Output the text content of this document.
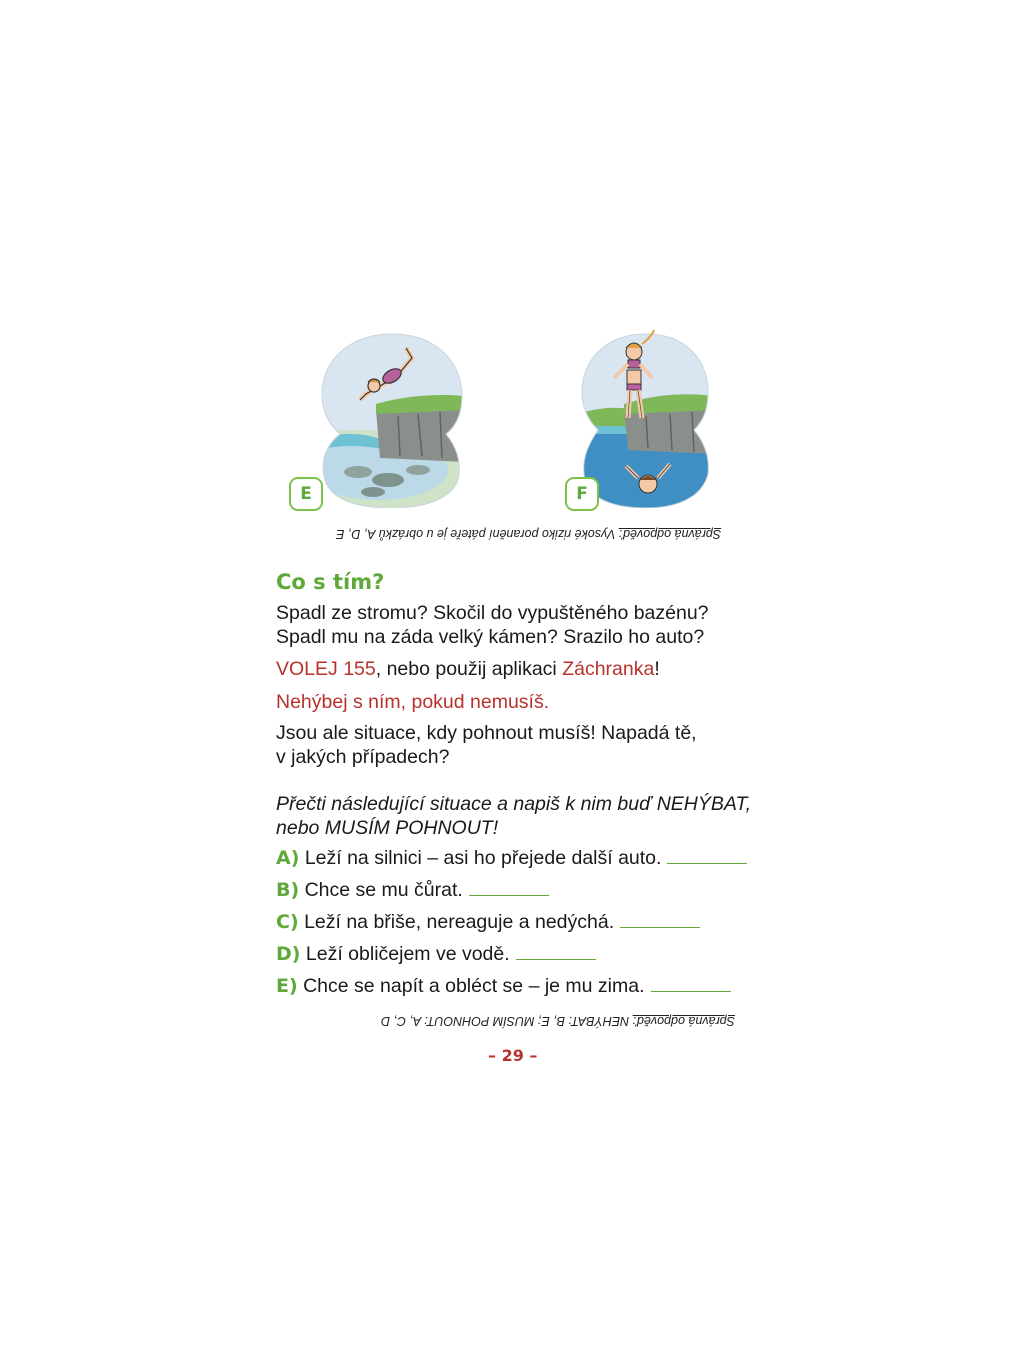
E	F
Správná odpověď: Vysoké riziko poranění páteře je u obrázků A, D, E
Co s tím?
Spadl ze stromu? Skočil do vypuštěného bazénu?
Spadl mu na záda velký kámen? Srazilo ho auto?
VOLEJ 155, nebo použij aplikaci Záchranka!
Nehýbej s ním, pokud nemusíš.
Jsou ale situace, kdy pohnout musíš! Napadá tě,
v jakých případech?
Přečti následující situace a napiš k nim buď NEHÝBAT,
nebo MUSÍM POHNOUT!
A) Leží na silnici – asi ho přejede další auto.
B) Chce se mu čůrat.
C) Leží na břiše, nereaguje a nedýchá.
D) Leží obličejem ve vodě.
E) Chce se napít a obléct se – je mu zima.
Správná odpověď: NEHÝBAT: B, E; MUSÍM POHNOUT: A, C, D
– 29 –
